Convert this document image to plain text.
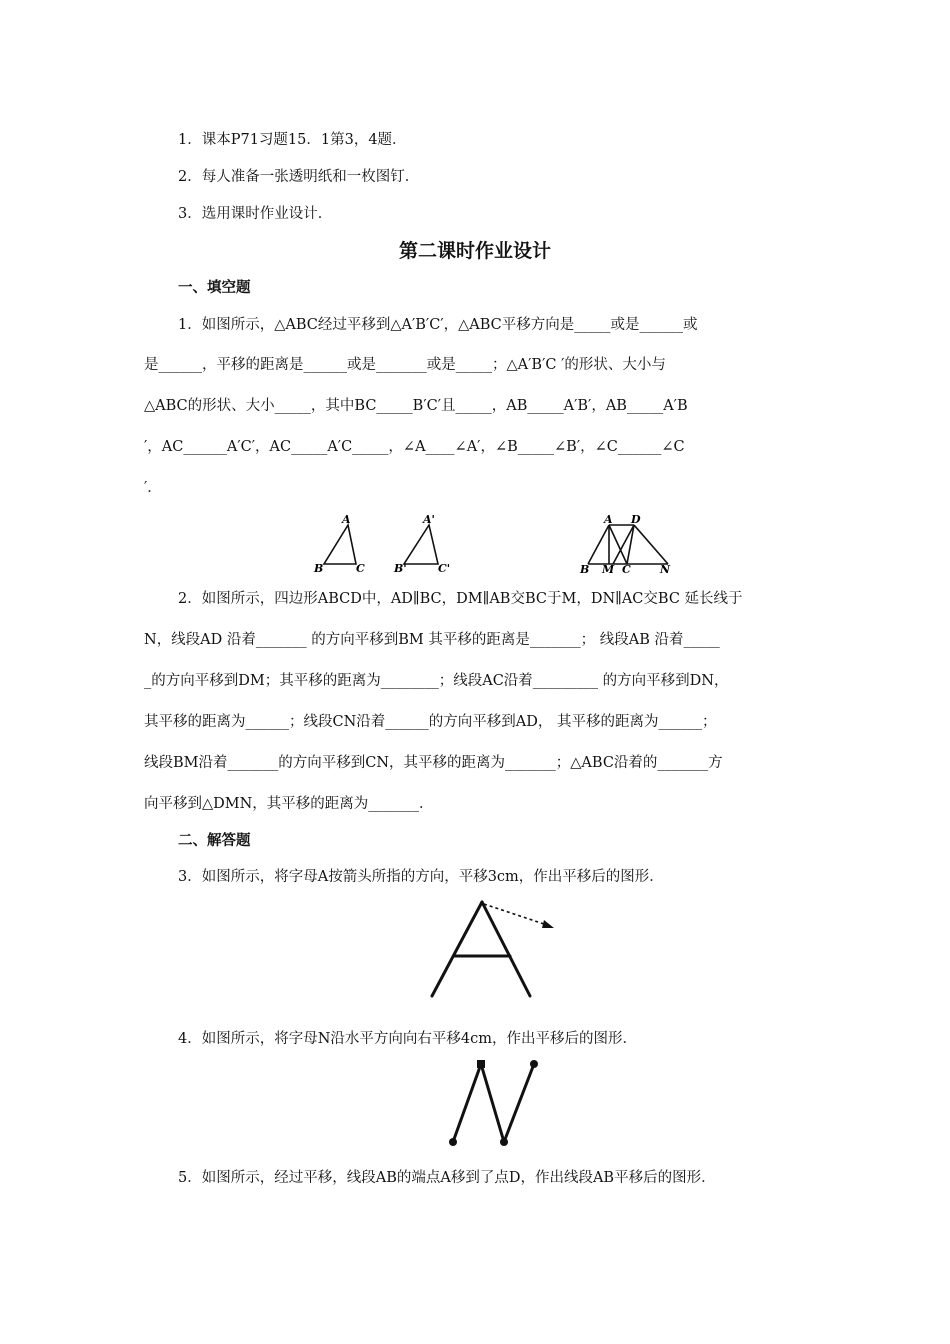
1．课本P71习题15．1第3，4题．
2．每人准备一张透明纸和一枚图钉．
3．选用课时作业设计．
第二课时作业设计
一、填空题
1．如图所示，△ABC经过平移到△A′B′C′，△ABC平移方向是_____或是______或
是______，平移的距离是______或是_______或是_____；△A′B′C ′的形状、大小与
△ABC的形状、大小_____，其中BC_____B′C′且_____，AB_____A′B′，AB_____A′B
′，AC______A′C′，AC_____A′C_____，∠A____∠A′，∠B_____∠B′，∠C______∠C
′．
A
B	C
A'
B'	C'
A D
B M C	N
2．如图所示，四边形ABCD中，AD∥BC，DM∥AB交BC于M，DN∥AC交BC 延长线于
N，线段AD 沿着_______ 的方向平移到BM 其平移的距离是_______； 线段AB 沿着_____
_的方向平移到DM；其平移的距离为________；线段AC沿着_________ 的方向平移到DN，
其平移的距离为______；线段CN沿着______的方向平移到AD， 其平移的距离为______；
线段BM沿着_______的方向平移到CN，其平移的距离为_______；△ABC沿着的_______方
向平移到△DMN，其平移的距离为_______．
二、解答题
3．如图所示，将字母A按箭头所指的方向，平移3cm，作出平移后的图形．
4．如图所示，将字母N沿水平方向向右平移4cm，作出平移后的图形．
5．如图所示，经过平移，线段AB的端点A移到了点D，作出线段AB平移后的图形．
